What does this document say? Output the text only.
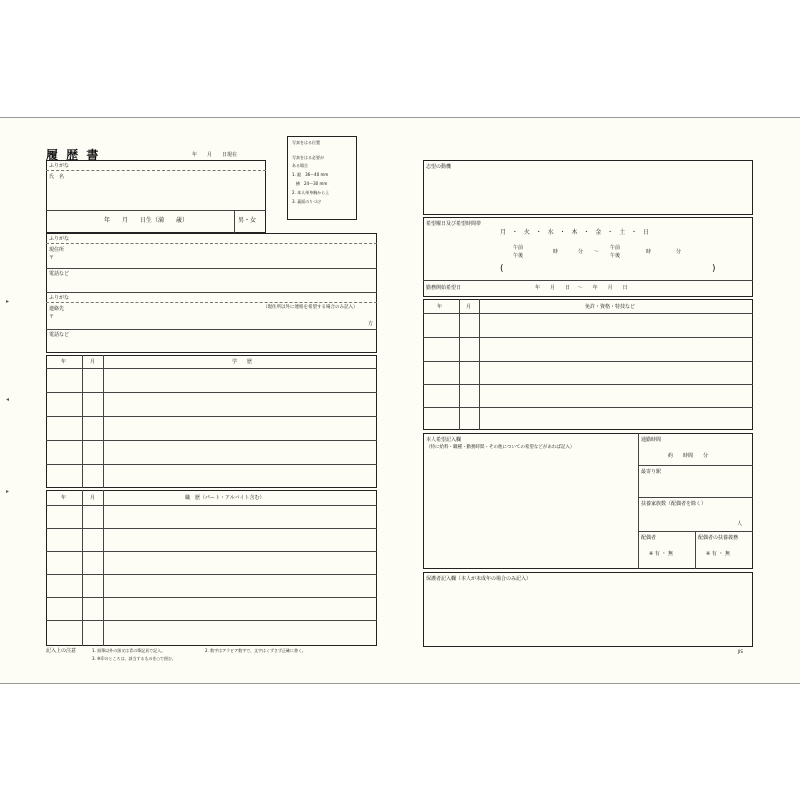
▸
◂
▸
履 歴 書	年　　月　　日現在
写真をはる位置
写真をはる必要が
ある場合
1. 縦　36～40 mm
　横　24～30 mm
2. 本人単身胸から上
3. 裏面のりづけ
ふりがな
氏　名
年　　月　　日生（満　　歳）	男・女
ふりがな
現住所
〒
電話など
ふりがな
連絡先
〒
（現住所以外に連絡を希望する場合のみ記入）
方
電話など
年	月	学　　歴
年	月	職　歴（パート・アルバイト含む）
記入上の注意	1. 鉛筆以外の黒又は青の筆記具で記入。
3. ※印のところは、該当するものを○で囲む。
2. 数字はアラビア数字で、文字はくずさず正確に書く。
志望の動機
希望曜日及び希望時間帯
月 ・ 火 ・ 水 ・ 木 ・ 金 ・ 土 ・ 日
午前
午後
時	分 ～
午前
午後
時	分
(	)
勤務開始希望日	年　　月　　日 ～　　年　　月　　日
年	月	免許・資格・特技など
本人希望記入欄
（特に給料・職種・勤務時間・その他についての希望などがあれば記入）
通勤時間
約　　時間　　分
最寄り駅
扶養家族数（配偶者を除く）
人
配偶者
※ 有 ・ 無
配偶者の扶養義務
※ 有 ・ 無
保護者記入欄（本人が未成年の場合のみ記入）
JIS
